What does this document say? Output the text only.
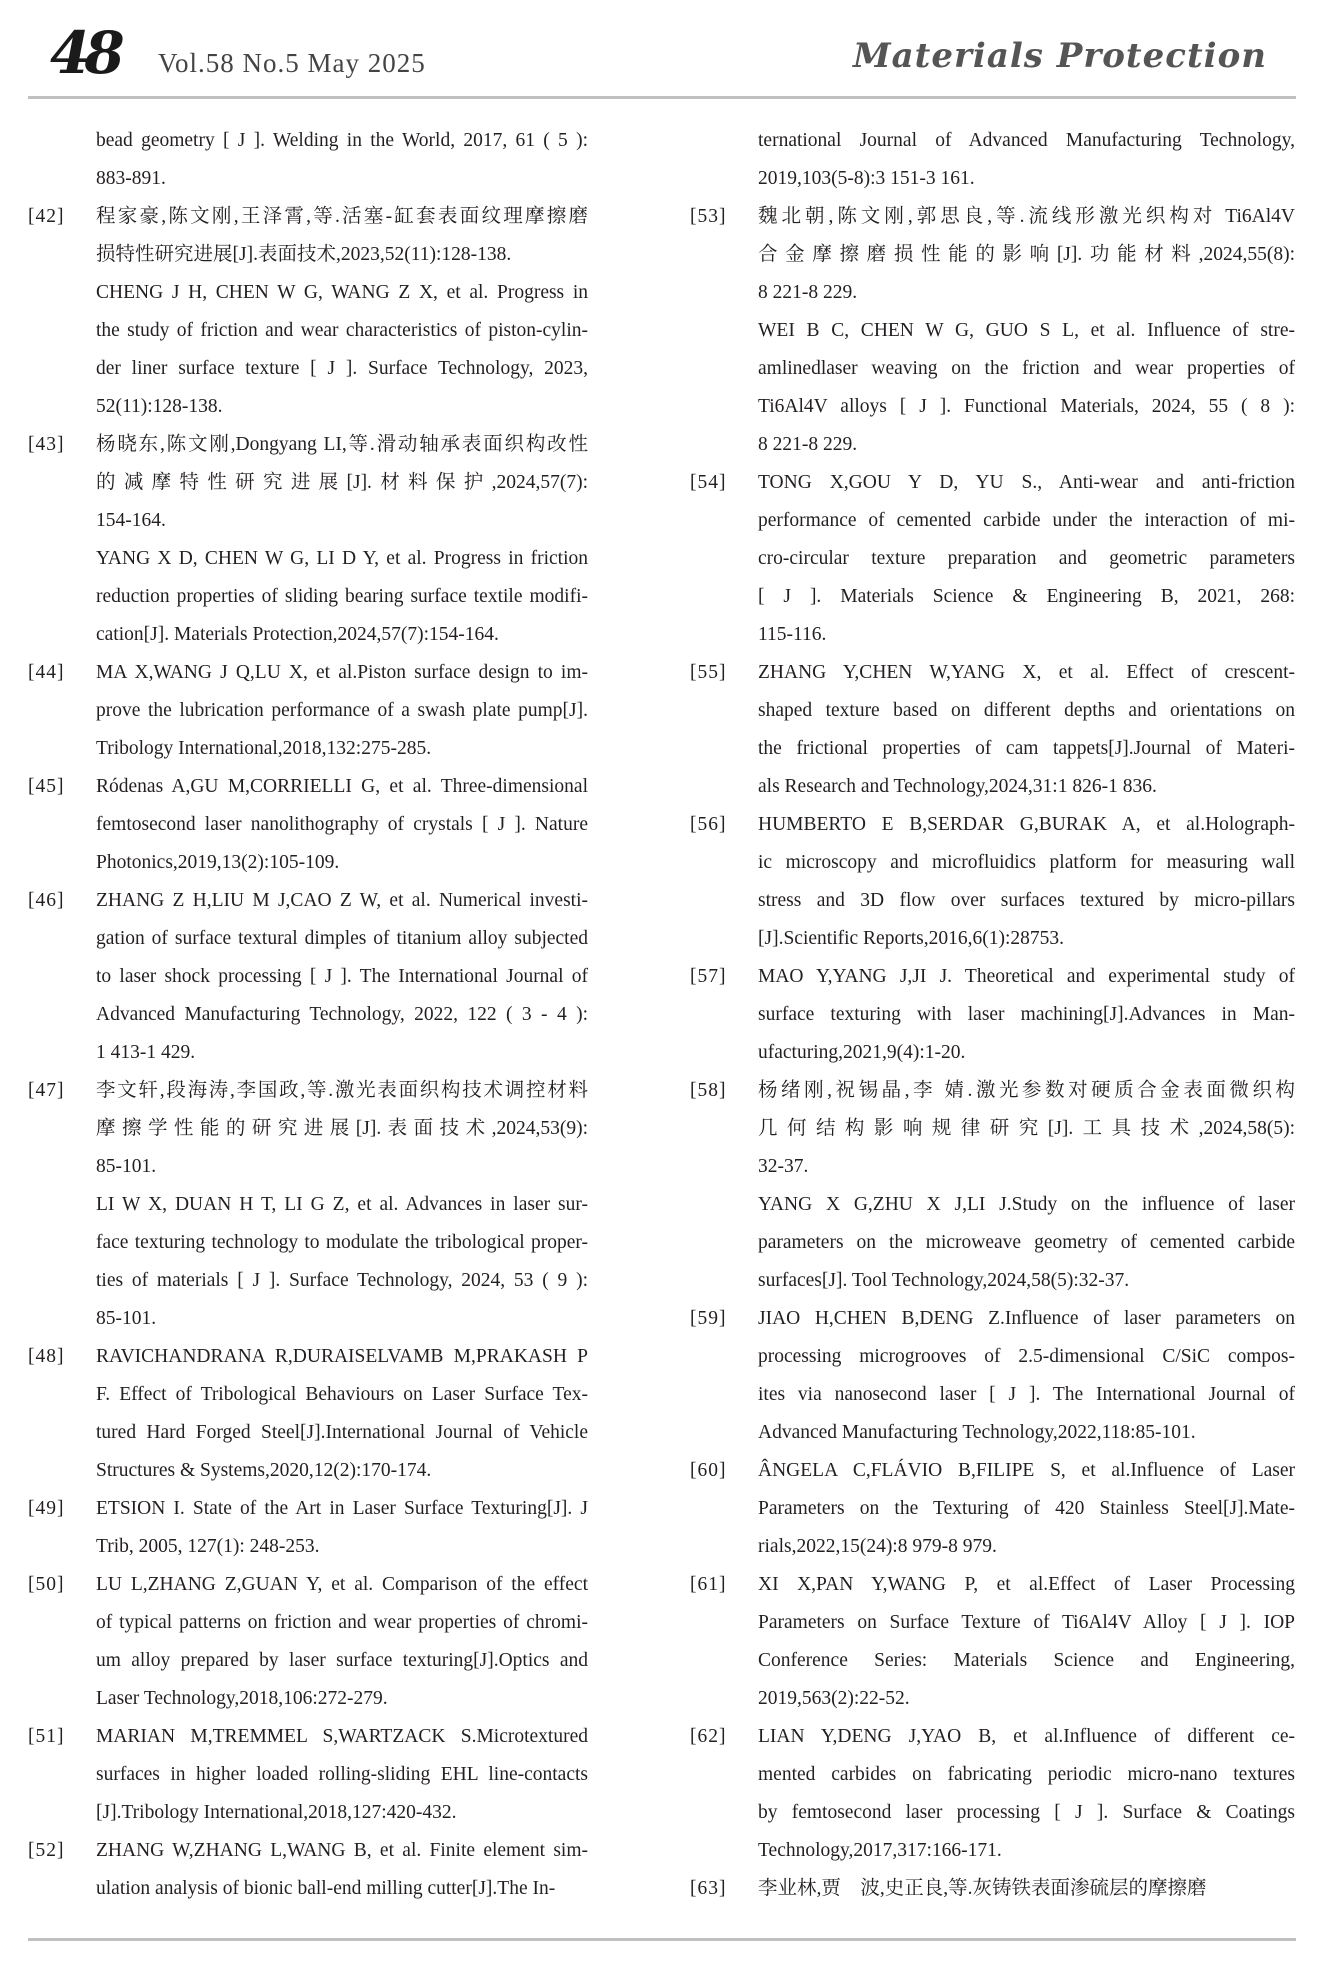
48 Vol.58 No.5 May 2025	Materials Protection
bead geometry [ J ]. Welding in the World, 2017, 61 ( 5 ):
883-891.
[42] 程家豪,陈文刚,王泽霄,等.活塞-缸套表面纹理摩擦磨
损特性研究进展[J].表面技术,2023,52(11):128-138.
CHENG J H, CHEN W G, WANG Z X, et al. Progress in
the study of friction and wear characteristics of piston-cylin-
der liner surface texture [ J ]. Surface Technology, 2023,
52(11):128-138.
[43] 杨晓东,陈文刚,Dongyang LI,等.滑动轴承表面织构改性
的减摩特性研究进展[J].材料保护,2024,57(7):
154-164.
YANG X D, CHEN W G, LI D Y, et al. Progress in friction
reduction properties of sliding bearing surface textile modifi-
cation[J]. Materials Protection,2024,57(7):154-164.
[44] MA X,WANG J Q,LU X, et al.Piston surface design to im-
prove the lubrication performance of a swash plate pump[J].
Tribology International,2018,132:275-285.
[45] Ródenas A,GU M,CORRIELLI G, et al. Three-dimensional
femtosecond laser nanolithography of crystals [ J ]. Nature
Photonics,2019,13(2):105-109.
[46] ZHANG Z H,LIU M J,CAO Z W, et al. Numerical investi-
gation of surface textural dimples of titanium alloy subjected
to laser shock processing [ J ]. The International Journal of
Advanced Manufacturing Technology, 2022, 122 ( 3 - 4 ):
1 413-1 429.
[47] 李文轩,段海涛,李国政,等.激光表面织构技术调控材料
摩擦学性能的研究进展[J].表面技术,2024,53(9):
85-101.
LI W X, DUAN H T, LI G Z, et al. Advances in laser sur-
face texturing technology to modulate the tribological proper-
ties of materials [ J ]. Surface Technology, 2024, 53 ( 9 ):
85-101.
[48] RAVICHANDRANA R,DURAISELVAMB M,PRAKASH P
F. Effect of Tribological Behaviours on Laser Surface Tex-
tured Hard Forged Steel[J].International Journal of Vehicle
Structures & Systems,2020,12(2):170-174.
[49] ETSION I. State of the Art in Laser Surface Texturing[J]. J
Trib, 2005, 127(1): 248-253.
[50] LU L,ZHANG Z,GUAN Y, et al. Comparison of the effect
of typical patterns on friction and wear properties of chromi-
um alloy prepared by laser surface texturing[J].Optics and
Laser Technology,2018,106:272-279.
[51] MARIAN M,TREMMEL S,WARTZACK S.Microtextured
surfaces in higher loaded rolling-sliding EHL line-contacts
[J].Tribology International,2018,127:420-432.
[52] ZHANG W,ZHANG L,WANG B, et al. Finite element sim-
ulation analysis of bionic ball-end milling cutter[J].The In-
ternational Journal of Advanced Manufacturing Technology,
2019,103(5-8):3 151-3 161.
[53] 魏北朝,陈文刚,郭思良,等.流线形激光织构对 Ti6Al4V
合金摩擦磨损性能的影响[J].功能材料,2024,55(8):
8 221-8 229.
WEI B C, CHEN W G, GUO S L, et al. Influence of stre-
amlinedlaser weaving on the friction and wear properties of
Ti6Al4V alloys [ J ]. Functional Materials, 2024, 55 ( 8 ):
8 221-8 229.
[54] TONG X,GOU Y D, YU S., Anti-wear and anti-friction
performance of cemented carbide under the interaction of mi-
cro-circular texture preparation and geometric parameters
[ J ]. Materials Science & Engineering B, 2021, 268:
115-116.
[55] ZHANG Y,CHEN W,YANG X, et al. Effect of crescent-
shaped texture based on different depths and orientations on
the frictional properties of cam tappets[J].Journal of Materi-
als Research and Technology,2024,31:1 826-1 836.
[56] HUMBERTO E B,SERDAR G,BURAK A, et al.Holograph-
ic microscopy and microfluidics platform for measuring wall
stress and 3D flow over surfaces textured by micro-pillars
[J].Scientific Reports,2016,6(1):28753.
[57] MAO Y,YANG J,JI J. Theoretical and experimental study of
surface texturing with laser machining[J].Advances in Man-
ufacturing,2021,9(4):1-20.
[58] 杨绪刚,祝锡晶,李 婧.激光参数对硬质合金表面微织构
几何结构影响规律研究[J].工具技术,2024,58(5):
32-37.
YANG X G,ZHU X J,LI J.Study on the influence of laser
parameters on the microweave geometry of cemented carbide
surfaces[J]. Tool Technology,2024,58(5):32-37.
[59] JIAO H,CHEN B,DENG Z.Influence of laser parameters on
processing microgrooves of 2.5-dimensional C/SiC compos-
ites via nanosecond laser [ J ]. The International Journal of
Advanced Manufacturing Technology,2022,118:85-101.
[60] ÂNGELA C,FLÁVIO B,FILIPE S, et al.Influence of Laser
Parameters on the Texturing of 420 Stainless Steel[J].Mate-
rials,2022,15(24):8 979-8 979.
[61] XI X,PAN Y,WANG P, et al.Effect of Laser Processing
Parameters on Surface Texture of Ti6Al4V Alloy [ J ]. IOP
Conference Series: Materials Science and Engineering,
2019,563(2):22-52.
[62] LIAN Y,DENG J,YAO B, et al.Influence of different ce-
mented carbides on fabricating periodic micro-nano textures
by femtosecond laser processing [ J ]. Surface & Coatings
Technology,2017,317:166-171.
[63] 李业林,贾　波,史正良,等.灰铸铁表面渗硫层的摩擦磨
